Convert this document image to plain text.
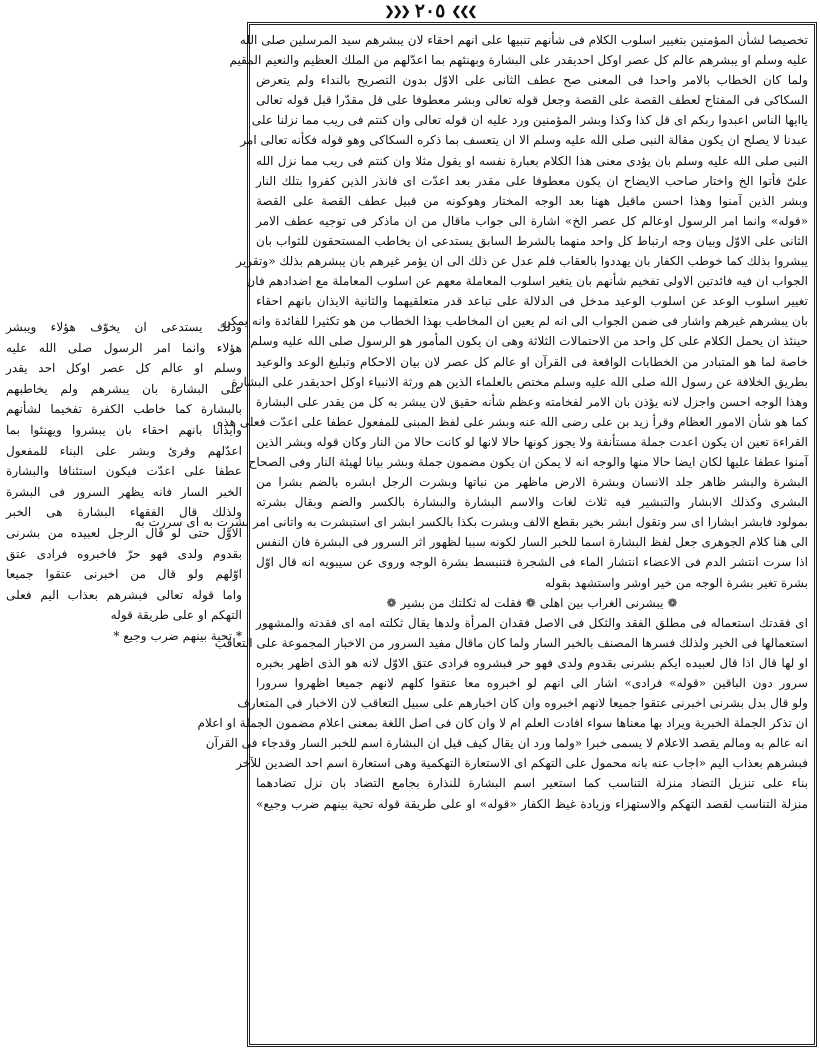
❯❯❯
٢٠٥
❮❮❮
تخصيصا لشأن المؤمنين بتغيير اسلوب الكلام فى شأنهم تنبيها على انهم احقاء لان يبشرهم سيد المرسلين صلى الله
عليه وسلم او يبشرهم عالم كل عصر اوكل احديقدر على البشارة وبهنئهم بما اعدّلهم من الملك العظيم والنعيم المقيم
ولما كان الخطاب بالامر واحدا فى المعنى صح عطف الثانى على الاوّل بدون التصريح بالنداء ولم يتعرض
السكاكى فى المفتاح لعطف القصة على القصة وجعل قوله تعالى وبشر معطوفا على قل مقدّرا قبل قوله تعالى
ياايها الناس اعبدوا ربكم اى قل كذا وكذا وبشر المؤمنين ورد عليه ان قوله تعالى وان كنتم فى ريب مما نزلنا على
عبدنا لا يصلح ان يكون مقالة النبى صلى الله عليه وسلم الا ان يتعسف بما ذكره السكاكى وهو قوله فكأنه تعالى امر
النبى صلى الله عليه وسلم بان يؤدى معنى هذا الكلام بعبارة نفسه او يقول مثلا وان كنتم فى ريب مما نزل الله
علىّ فأتوا الخ واختار صاحب الايضاح ان يكون معطوفا على مقدر بعد اعدّت اى فانذر الذين كفروا بتلك النار
وبشر الذين آمنوا وهذا احسن ماقيل ههنا بعد الوجه المختار وهوكونه من قبيل عطف القصة على القصة
«قوله» وانما امر الرسول اوعالم كل عصر الخ» اشارة الى جواب ماقال من ان ماذكر فى توجيه عطف الامر
الثانى على الاوّل وبيان وجه ارتباط كل واحد منهما بالشرط السابق يستدعى ان يخاطب المستحقون للثواب بان
يبشروا بذلك كما خوطب الكفار بان يهددوا بالعقاب فلم عدل عن ذلك الى ان يؤمر غيرهم بان يبشرهم بذلك «وتقرير
الجواب ان فيه فائدتين الاولى تفخيم شأنهم بان يتغير اسلوب المعاملة معهم عن اسلوب المعاملة مع اضدادهم فان
تغيير اسلوب الوعد عن اسلوب الوعيد مدخل فى الدلالة على تباعد قدر متعلقيهما والثانية الايذان بانهم احقاء
بان يبشرهم غيرهم واشار فى ضمن الجواب الى انه لم يعين ان المخاطب بهذا الخطاب من هو تكثيرا للفائدة وانه يمكن
حينئذ ان يحمل الكلام على كل واحد من الاحتمالات الثلاثة وهى ان يكون المأمور هو الرسول صلى الله عليه وسلم
خاصة لما هو المتبادر من الخطابات الواقعة فى القرآن او عالم كل عصر لان بيان الاحكام وتبليغ الوعد والوعيد
بطريق الخلافة عن رسول الله صلى الله عليه وسلم مختص بالعلماء الذين هم ورثة الانبياء اوكل احديقدر على البشارة
وهذا الوجه احسن واجزل لانه يؤذن بان الامر لفخامته وعظم شأنه حقيق لان يبشر به كل من يقدر على البشارة
كما هو شأن الامور العظام وقرأ زيد بن على رضى الله عنه وبشر على لفظ المبنى للمفعول عطفا على اعدّت فعلى هذه
القراءة تعين ان يكون اعدت جملة مستأنفة ولا يجوز كونها حالا لانها لو كانت حالا من النار وكان قوله وبشر الذين
آمنوا عطفا عليها لكان ايضا حالا منها والوجه انه لا يمكن ان يكون مضمون جملة وبشر بيانا لهيئة النار وفى الصحاح
البشرة والبشر ظاهر جلد الانسان وبشرة الارض ماظهر من نباتها وبشرت الرجل ابشره بالضم بشرا من
البشرى وكذلك الابشار والتبشير فيه ثلاث لغات والاسم البشارة والبشارة بالكسر والضم وبقال بشرته
بمولود فابشر ابشارا اى سر وتقول ابشر بخير بقطع الالف وبشرت بكذا بالكسر ابشر اى استبشرت به واتانى امر بشرت به اى سررت به
الى هنا كلام الجوهرى جعل لفظ البشارة اسما للخبر السار لكونه سببا لظهور اثر السرور فى البشرة فان النفس
اذا سرت انتشر الدم فى الاعضاء انتشار الماء فى الشجرة فتنبسط بشرة الوجه وروى عن سيبويه انه قال اوّل
بشرة تغير بشرة الوجه من خير اوشر واستشهد بقوله
❁ يبشرنى الغراب بين اهلى ❁ فقلت له ثكلتك من بشير ❁
اى فقدتك استعماله فى مطلق الفقد والثكل فى الاصل فقدان المرأة ولدها يقال ثكلته امه اى فقدته والمشهور
استعمالها فى الخير ولذلك فسرها المصنف بالخبر السار ولما كان ماقال مفيد السرور من الاخبار المجموعة على التعاقب
او لها قال اذا قال لعبيده ايكم بشرنى بقدوم ولدى فهو حر فبشروه فرادى عتق الاوّل لانه هو الذى اظهر بخبره
سرور دون الباقين «قوله» فرادى» اشار الى انهم لو اخبروه معا عتقوا كلهم لانهم جميعا اظهروا سرورا
ولو قال بدل بشرنى اخبرنى عتقوا جميعا لانهم اخبروه وان كان اخبارهم على سبيل التعاقب لان الاخبار فى المتعارف
ان تذكر الجملة الخبرية ويراد بها معناها سواء افادت العلم ام لا وان كان فى اصل اللغة بمعنى اعلام مضمون الجملة او اعلام
انه عالم به ومالم يقصد الاعلام لا يسمى خبرا «ولما ورد ان يقال كيف قيل ان البشارة اسم للخبر السار وقدجاء فى القرآن
فبشرهم بعذاب اليم «اجاب عنه بانه محمول على التهكم اى الاستعارة التهكمية وهى استعارة اسم احد الضدين للآخر
بناء على تنزيل التضاد منزلة التناسب كما استعير اسم البشارة للنذارة بجامع التضاد بان نزل تضادهما
منزلة التناسب لقصد التهكم والاستهزاء وزيادة غيظ الكفار «قوله» او على طريقة قوله تحية بينهم ضرب وجيع»
وذلك يستدعى ان يخوّف هؤلاء ويبشر
هؤلاء وانما امر الرسول صلى الله عليه
وسلم او عالم كل عصر اوكل احد يقدر
على البشارة بان يبشرهم ولم يخاطبهم
بالبشارة كما خاطب الكفرة تفخيما لشأنهم
وايذانا بانهم احقاء بان يبشروا ويهنئوا بما
اعدّلهم وقرئ وبشر على البناء للمفعول
عطفا على اعدّت فيكون استئنافا والبشارة
الخبر السار فانه يظهر السرور فى البشرة
ولذلك قال الفقهاء البشارة هى الخبر
الاوّل حتى لو قال الرجل لعبيده من بشرنى
بقدوم ولدى فهو حرّ فاخبروه فرادى عتق
اوّلهم ولو قال من اخبرنى عتقوا جميعا
واما قوله تعالى فبشرهم بعذاب اليم فعلى
التهكم او على طريقة قوله
* تحية بينهم ضرب وجيع *
